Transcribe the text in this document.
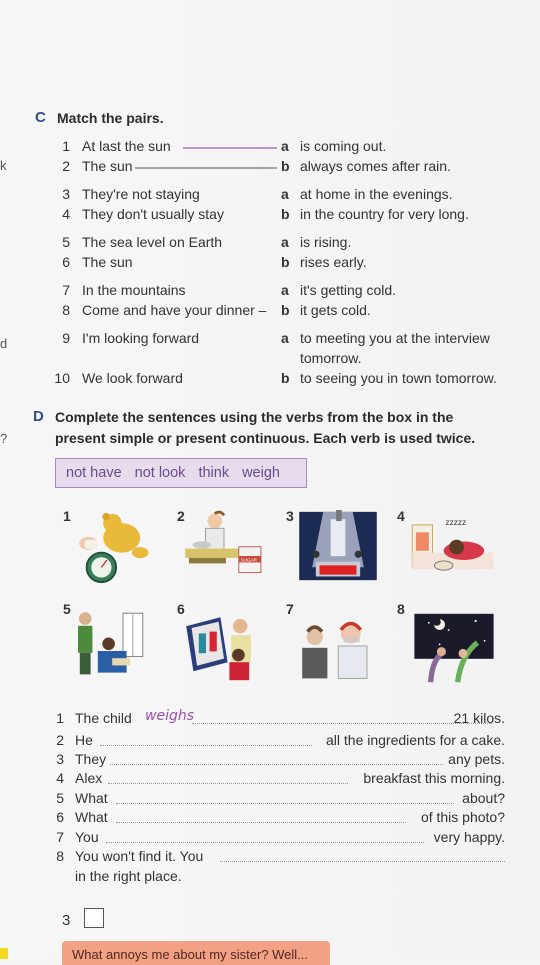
k
d
?
C Match the pairs.
1 At last the sun	a is coming out.
2 The sun	b always comes after rain.
3 They're not staying	a at home in the evenings.
4 They don't usually stay	b in the country for very long.
5 The sea level on Earth	a is rising.
6 The sun	b rises early.
7 In the mountains	a it's getting cold.
8 Come and have your dinner – b it gets cold.
9 I'm looking forward	a to meeting you at the interview
tomorrow.
10 We look forward	b to seeing you in town tomorrow.
D Complete the sentences using the verbs from the box in the
present simple or present continuous. Each verb is used twice.
not have not look think weigh
1	2	3	4
5	6	7	8
SUGAR
zzzzz
1 The child weighs	21 kilos.
2 He	all the ingredients for a cake.
3 They	any pets.
4 Alex	breakfast this morning.
5 What	about?
6 What	of this photo?
7 You	very happy.
8 You won't find it. You
in the right place.
3
What annoys me about my sister? Well...
